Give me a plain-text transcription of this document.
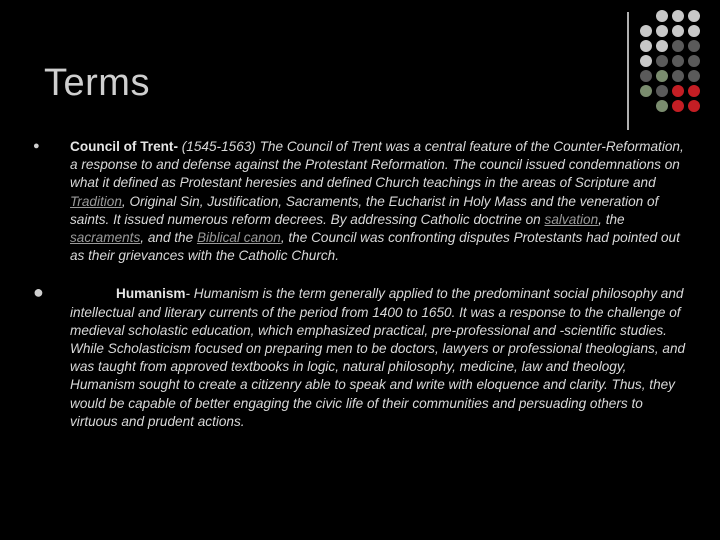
Terms
● Council of Trent- (1545-1563) The Council of Trent was a central feature of the Counter-Reformation, a response to and defense against the Protestant Reformation. The council issued condemnations on what it defined as Protestant heresies and defined Church teachings in the areas of Scripture and Tradition, Original Sin, Justification, Sacraments, the Eucharist in Holy Mass and the veneration of saints. It issued numerous reform decrees. By addressing Catholic doctrine on salvation, the sacraments, and the Biblical canon, the Council was confronting disputes Protestants had pointed out as their grievances with the Catholic Church.
●	Humanism- Humanism is the term generally applied to the predominant social philosophy and intellectual and literary currents of the period from 1400 to 1650. It was a response to the challenge of medieval scholastic education, which emphasized practical, pre-professional and -scientific studies. While Scholasticism focused on preparing men to be doctors, lawyers or professional theologians, and was taught from approved textbooks in logic, natural philosophy, medicine, law and theology, Humanism sought to create a citizenry able to speak and write with eloquence and clarity. Thus, they would be capable of better engaging the civic life of their communities and persuading others to virtuous and prudent actions.
